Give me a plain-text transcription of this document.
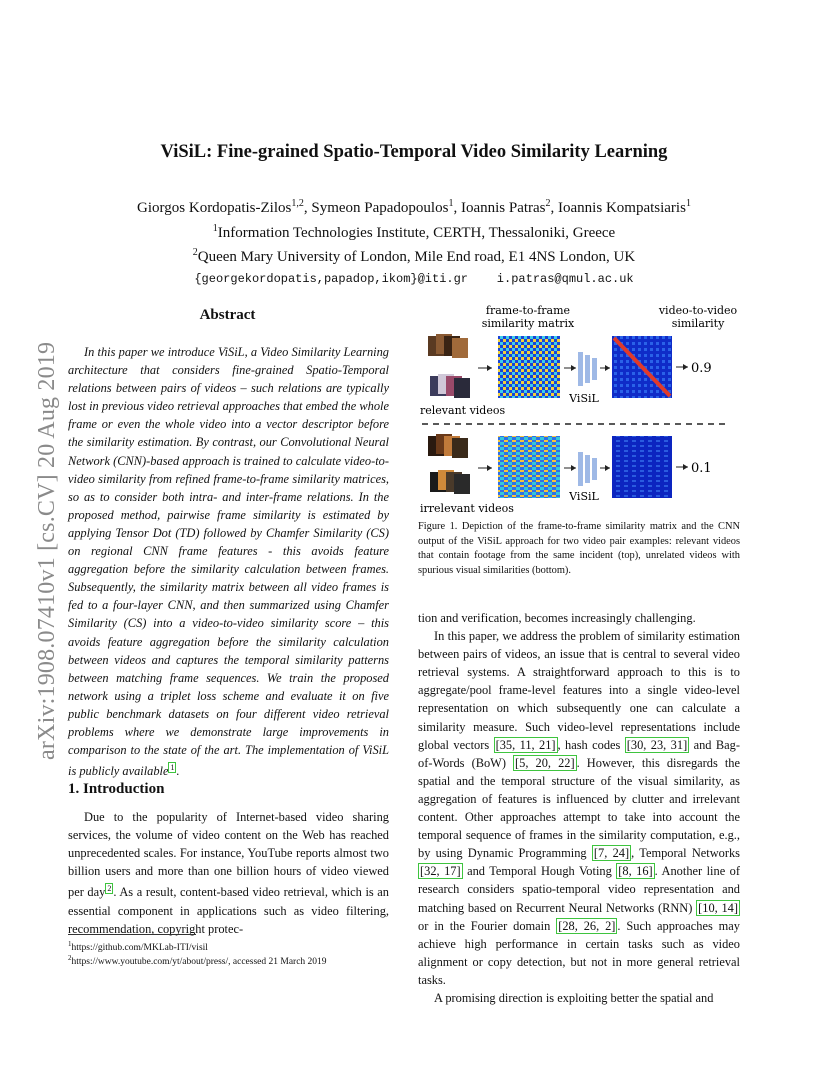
arXiv:1908.07410v1 [cs.CV] 20 Aug 2019
ViSiL: Fine-grained Spatio-Temporal Video Similarity Learning
Giorgos Kordopatis-Zilos$^{1,2}$, Symeon Papadopoulos$^1$, Ioannis Patras$^2$, Ioannis Kompatsiaris$^1$
$^1$Information Technologies Institute, CERTH, Thessaloniki, Greece
$^2$Queen Mary University of London, Mile End road, E1 4NS London, UK
{georgekordopatis,papadop,ikom}@iti.gr    i.patras@qmul.ac.uk
Abstract

In this paper we introduce ViSiL, a Video Similarity Learning architecture that considers fine-grained Spatio-Temporal relations between pairs of videos – such relations are typically lost in previous video retrieval approaches that embed the whole frame or even the whole video into a vector descriptor before the similarity estimation. By contrast, our Convolutional Neural Network (CNN)-based approach is trained to calculate video-to-video similarity from refined frame-to-frame similarity matrices, so as to consider both intra- and inter-frame relations. In the proposed method, pairwise frame similarity is estimated by applying Tensor Dot (TD) followed by Chamfer Similarity (CS) on regional CNN frame features - this avoids feature aggregation before the similarity calculation between frames. Subsequently, the similarity matrix between all video frames is fed to a four-layer CNN, and then summarized using Chamfer Similarity (CS) into a video-to-video similarity score – this avoids feature aggregation before the similarity calculation between videos and captures the temporal similarity patterns between matching frame sequences. We train the proposed network using a triplet loss scheme and evaluate it on five public benchmark datasets on four different video retrieval problems where we demonstrate large improvements in comparison to the state of the art. The implementation of ViSiL is publicly available $^1$ .

1. Introduction

Due to the popularity of Internet-based video sharing services, the volume of video content on the Web has reached unprecedented scales. For instance, YouTube reports almost two billion users and more than one billion hours of video viewed per day $^2$ . As a result, content-based video retrieval, which is an essential component in applications such as video filtering, recommendation, copyright protec-

$^1$https://github.com/MKLab-ITI/visil
$^2$https://www.youtube.com/yt/about/press/, accessed 21 March 2019
frame-to-frame
similarity matrix
video-to-video
similarity
ViSiL
0.9
relevant videos
ViSiL
0.1
irrelevant videos
Figure 1. Depiction of the frame-to-frame similarity matrix and the CNN output of the ViSiL approach for two video pair examples: relevant videos that contain footage from the same incident (top), unrelated videos with spurious visual similarities (bottom).

tion and verification, becomes increasingly challenging.

In this paper, we address the problem of similarity estimation between pairs of videos, an issue that is central to several video retrieval systems. A straightforward approach to this is to aggregate/pool frame-level features into a single video-level representation on which subsequently one can calculate a similarity measure. Such video-level representations include global vectors [35, 11, 21] , hash codes [30, 23, 31] and Bag-of-Words (BoW) [5, 20, 22] . However, this disregards the spatial and the temporal structure of the visual similarity, as aggregation of features is influenced by clutter and irrelevant content. Other approaches attempt to take into account the temporal sequence of frames in the similarity computation, e.g., by using Dynamic Programming [7, 24] , Temporal Networks [32, 17] and Temporal Hough Voting [8, 16] . Another line of research considers spatio-temporal video representation and matching based on Recurrent Neural Networks (RNN) [10, 14] or in the Fourier domain [28, 26, 2] . Such approaches may achieve high performance in certain tasks such as video alignment or copy detection, but not in more general retrieval tasks.

A promising direction is exploiting better the spatial and
